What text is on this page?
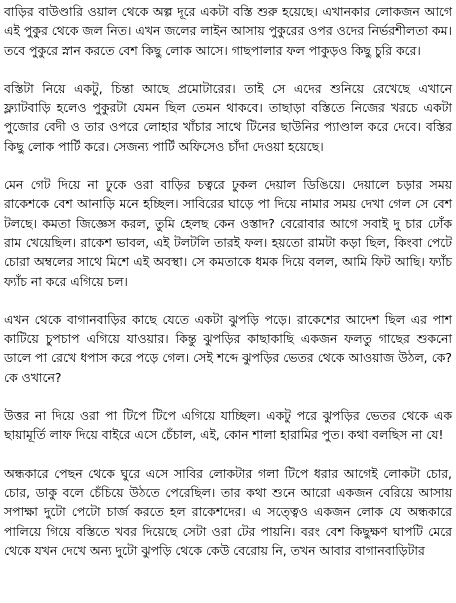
বাড়ির বাউণ্ডারি ওয়াল থেকে অল্প দূরে একটা বস্তি শুরু হয়েছে। এখানকার লোকজন আগে এই পুকুর থেকে জল নিত। এখন জলের লাইন আসায় পুকুরের ওপর ওদের নির্ভরশীলতা কম। তবে পুকুরে স্নান করতে বেশ কিছু লোক আসে। গাছপালার ফল পাকুড়ও কিছু চুরি করে।

বস্তিটা নিয়ে একটু, চিন্তা আছে প্রমোটারের। তাই সে এদের শুনিয়ে রেখেছে এখানে ফ্ল্যাটবাড়ি হলেও পুকুরটা যেমন ছিল তেমন থাকবে। তাছাড়া বস্তিতে নিজের খরচে একটা পুজোর বেদী ও তার ওপরে লোহার খাঁচার সাথে টিনের ছাউনির প্যাণ্ডাল করে দেবে। বস্তির কিছু লোক পার্টি করে। সেজন্য পার্টি অফিসেও চাঁদা দেওয়া হয়েছে।

মেন গেট দিয়ে না ঢুকে ওরা বাড়ির চত্বরে ঢুকল দেয়াল ডিঙিয়ে। দেয়ালে চড়ার সময় রাকেশকে বেশ আনাড়ি মনে হচ্ছিল। সাবিরের ঘাড়ে পা দিয়ে নামার সময় দেখা গেল সে বেশ টলছে। কমতা জিজ্ঞেস করল, তুমি হেলছ কেন ওস্তাদ? বেরোবার আগে সবাই দু চার ঢোঁক রাম খেয়েছিল। রাকেশ ভাবল, এই টলটলি তারই ফল। হয়তো রামটা কড়া ছিল, কিংবা পেটে চোরা অম্বলের সাথে মিশে এই অবস্থা। সে কমতাকে ধমক দিয়ে বলল, আমি ফিট আছি। ফ্যাঁচ ফ্যাঁচ না করে এগিয়ে চল।

এখন থেকে বাগানবাড়ির কাছে যেতে একটা ঝুপড়ি পড়ে। রাকেশের আদেশ ছিল এর পাশ কাটিয়ে চুপচাপ এগিয়ে যাওয়ার। কিন্তু ঝুপড়ির কাছাকাছি একজন ফলতু গাছের শুকনো ডালে পা রেখে ধপাস করে পড়ে গেল। সেই শব্দে ঝুপড়ির ভেতর থেকে আওয়াজ উঠল, কে? কে ওখানে?

উত্তর না দিয়ে ওরা পা টিপে টিপে এগিয়ে যাচ্ছিল। একটু পরে ঝুপড়ির ভেতর থেকে এক ছায়ামূর্তি লাফ দিয়ে বাইরে এসে চেঁচাল, এই, কোন শালা হারামির পুত। কথা বলছিস না যে!

অন্ধকারে পেছন থেকে ঘুরে এসে সাবির লোকটার গলা টিপে ধরার আগেই লোকটা চোর, চোর, ডাকু বলে চেঁচিয়ে উঠতে পেরেছিল। তার কথা শুনে আরো একজন বেরিয়ে আসায় সপাক্ষা দুটো পেটো চার্জ করতে হল রাকেশদের। এ সত্ত্বেও একজন লোক যে অন্ধকারে পালিয়ে গিয়ে বস্তিতে খবর দিয়েছে সেটা ওরা টের পায়নি। বরং বেশ কিছুক্ষণ ঘাপটি মেরে থেকে যখন দেখে অন্য দুটো ঝুপড়ি থেকে কেউ বেরোয় নি, তখন আবার বাগানবাড়িটার
